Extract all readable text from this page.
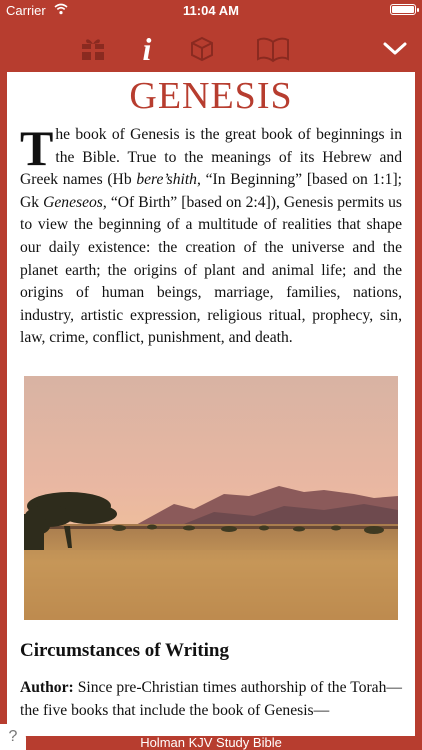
Carrier	11:04 AM
i
GENESIS

The book of Genesis is the great book of beginnings in the Bible. True to the meanings of its Hebrew and Greek names (Hb bere’shith, “In Beginning” [based on 1:1]; Gk Geneseos, “Of Birth” [based on 2:4]), Genesis permits us to view the beginning of a multitude of realities that shape our daily existence: the creation of the universe and the planet earth; the origins of plant and animal life; and the origins of human beings, marriage, families, nations, industry, artistic expression, religious ritual, prophecy, sin, law, crime, conflict, punishment, and death.

Circumstances of Writing

Author: Since pre-Christian times authorship of the Torah—the five books that include the book of Genesis—

Holman KJV Study Bible
?
